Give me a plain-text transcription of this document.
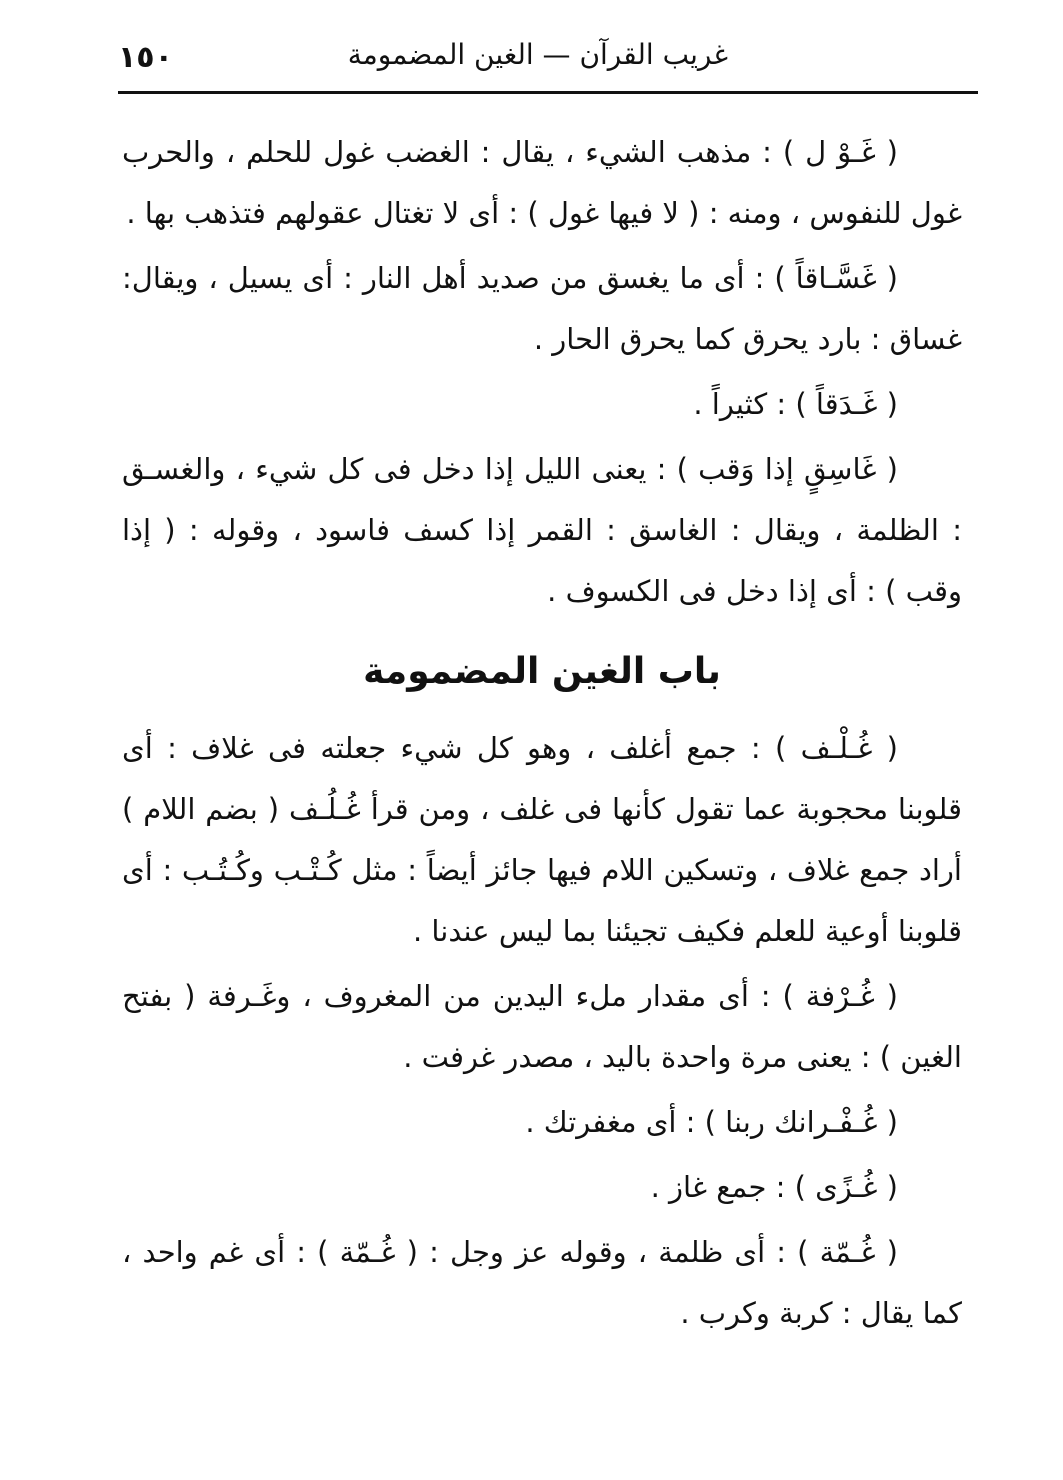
غريب القرآن — الغين المضمومة
١٥٠

( غَـوْ ل ) : مذهب الشيء ، يقال : الغضب غول للحلم ، والحرب غول للنفوس ، ومنه : ( لا فيها غول ) : أى لا تغتال عقولهم فتذهب بها .

( غَسَّـاقاً ) : أى ما يغسق من صديد أهل النار : أى يسيل ، ويقال: غساق : بارد يحرق كما يحرق الحار .

( غَـدَقاً ) : كثيراً .

( غَاسِقٍ إذا وَقب ) : يعنى الليل إذا دخل فى كل شيء ، والغسـق : الظلمة ، ويقال : الغاسق : القمر إذا كسف فاسود ، وقوله : ( إذا وقب ) : أى إذا دخل فى الكسوف .

باب الغين المضمومة

( غُـلْـف ) : جمع أغلف ، وهو كل شيء جعلته فى غلاف : أى قلوبنا محجوبة عما تقول كأنها فى غلف ، ومن قرأ غُـلُـف ( بضم اللام ) أراد جمع غلاف ، وتسكين اللام فيها جائز أيضاً : مثل كُـتْـب وكُـتُـب : أى قلوبنا أوعية للعلم فكيف تجيئنا بما ليس عندنا .

( غُـرْفة ) : أى مقدار ملء اليدين من المغروف ، وغَـرفة ( بفتح الغين ) : يعنى مرة واحدة باليد ، مصدر غرفت .

( غُـفْـرانك ربنا ) : أى مغفرتك .

( غُـزًى ) : جمع غاز .

( غُـمّة ) : أى ظلمة ، وقوله عز وجل : ( غُـمّة ) : أى غم واحد ، كما يقال : كربة وكرب .
